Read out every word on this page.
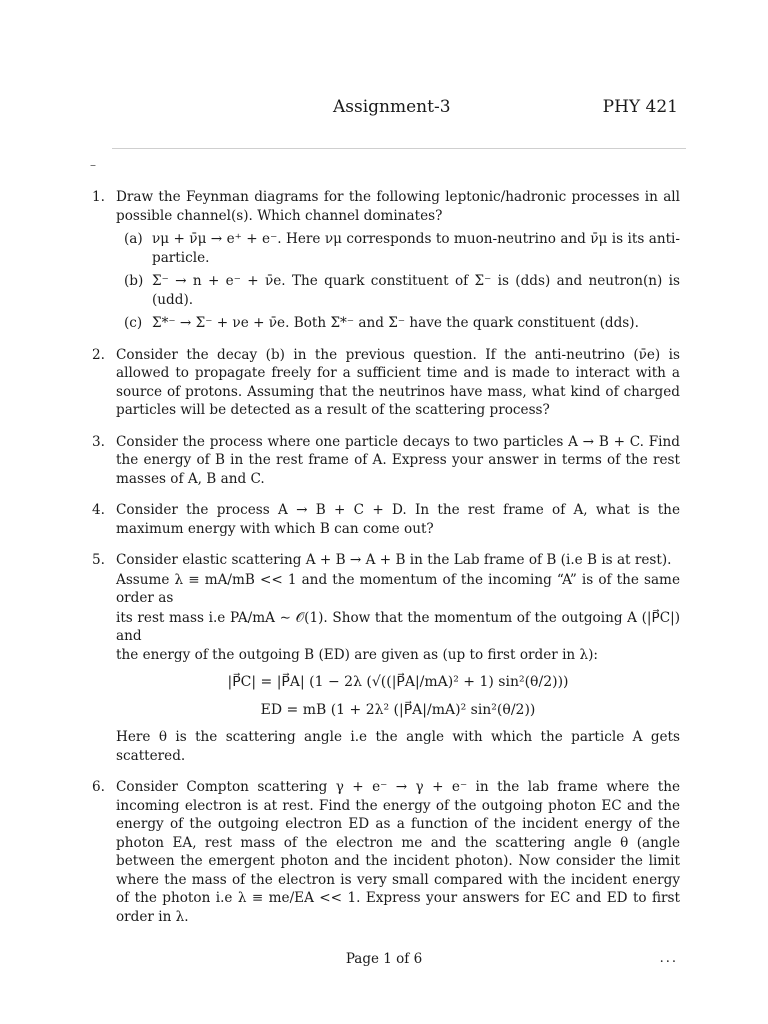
Assignment-3	PHY 421
–
1. Draw the Feynman diagrams for the following leptonic/hadronic processes in all possible channel(s). Which channel dominates?
(a) νμ + ν̄μ → e⁺ + e⁻. Here νμ corresponds to muon-neutrino and ν̄μ is its anti-particle.
(b) Σ⁻ → n + e⁻ + ν̄e. The quark constituent of Σ⁻ is (dds) and neutron(n) is (udd).
(c) Σ*⁻ → Σ⁻ + νe + ν̄e. Both Σ*⁻ and Σ⁻ have the quark constituent (dds).
2. Consider the decay (b) in the previous question. If the anti-neutrino (ν̄e) is allowed to propagate freely for a sufficient time and is made to interact with a source of protons. Assuming that the neutrinos have mass, what kind of charged particles will be detected as a result of the scattering process?
3. Consider the process where one particle decays to two particles A → B + C. Find the energy of B in the rest frame of A. Express your answer in terms of the rest masses of A, B and C.
4. Consider the process A → B + C + D. In the rest frame of A, what is the maximum energy with which B can come out?
5. Consider elastic scattering A + B → A + B in the Lab frame of B (i.e B is at rest).
Assume λ ≡ mA/mB << 1 and the momentum of the incoming “A” is of the same order as
its rest mass i.e PA/mA ∼ 𝒪(1). Show that the momentum of the outgoing A (|P⃗C|) and
the energy of the outgoing B (ED) are given as (up to first order in λ):
|P⃗C| = |P⃗A| (1 − 2λ (√((|P⃗A|/mA)² + 1) sin²(θ/2)))
ED = mB (1 + 2λ² (|P⃗A|/mA)² sin²(θ/2))
Here θ is the scattering angle i.e the angle with which the particle A gets scattered.
6. Consider Compton scattering γ + e⁻ → γ + e⁻ in the lab frame where the incoming electron is at rest. Find the energy of the outgoing photon EC and the energy of the outgoing electron ED as a function of the incident energy of the photon EA, rest mass of the electron me and the scattering angle θ (angle between the emergent photon and the incident photon). Now consider the limit where the mass of the electron is very small compared with the incident energy of the photon i.e λ ≡ me/EA << 1. Express your answers for EC and ED to first order in λ.
Page 1 of 6	...
